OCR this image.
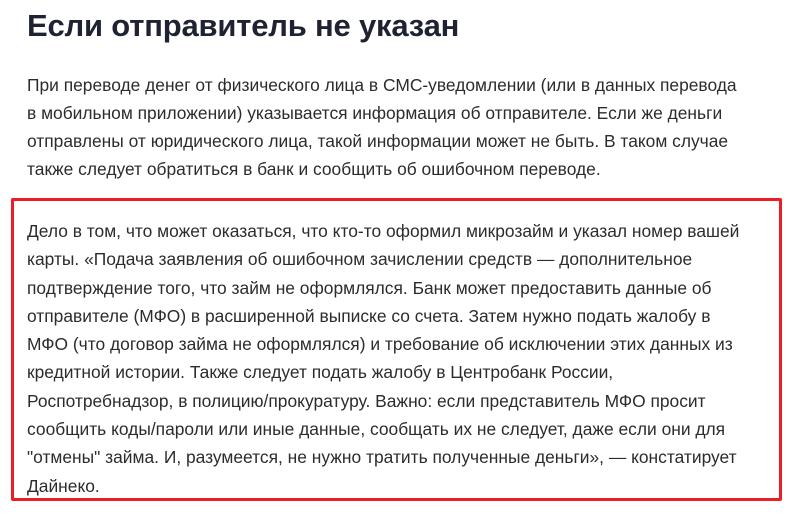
Если отправитель не указан

При переводе денег от физического лица в СМС-уведомлении (или в данных перевода
в мобильном приложении) указывается информация об отправителе. Если же деньги
отправлены от юридического лица, такой информации может не быть. В таком случае
также следует обратиться в банк и сообщить об ошибочном переводе.

Дело в том, что может оказаться, что кто-то оформил микрозайм и указал номер вашей
карты. «Подача заявления об ошибочном зачислении средств — дополнительное
подтверждение того, что займ не оформлялся. Банк может предоставить данные об
отправителе (МФО) в расширенной выписке со счета. Затем нужно подать жалобу в
МФО (что договор займа не оформлялся) и требование об исключении этих данных из
кредитной истории. Также следует подать жалобу в Центробанк России,
Роспотребнадзор, в полицию/прокуратуру. Важно: если представитель МФО просит
сообщить коды/пароли или иные данные, сообщать их не следует, даже если они для
"отмены" займа. И, разумеется, не нужно тратить полученные деньги», — констатирует
Дайнеко.
